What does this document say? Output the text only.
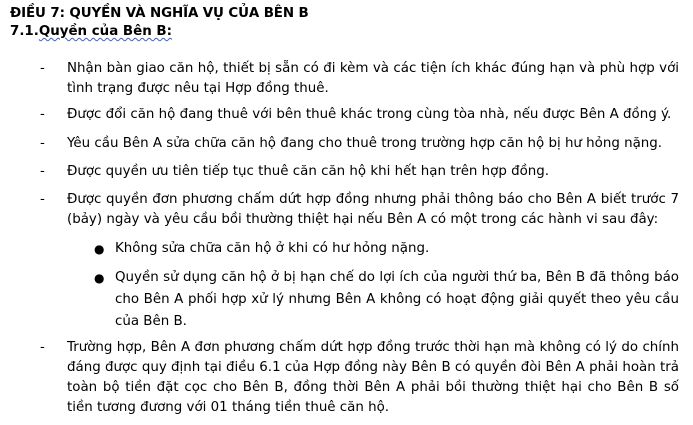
ĐIỀU 7: QUYỀN VÀ NGHĨA VỤ CỦA BÊN B
7.1.Quyền của Bên B:
- Nhận bàn giao căn hộ, thiết bị sẵn có đi kèm và các tiện ích khác đúng hạn và phù hợp với tình trạng được nêu tại Hợp đồng thuê.
- Được đổi căn hộ đang thuê với bên thuê khác trong cùng tòa nhà, nếu được Bên A đồng ý.
- Yêu cầu Bên A sửa chữa căn hộ đang cho thuê trong trường hợp căn hộ bị hư hỏng nặng.
- Được quyền ưu tiên tiếp tục thuê căn căn hộ khi hết hạn trên hợp đồng.
- Được quyền đơn phương chấm dứt hợp đồng nhưng phải thông báo cho Bên A biết trước 7 (bảy) ngày và yêu cầu bồi thường thiệt hại nếu Bên A có một trong các hành vi sau đây:
● Không sửa chữa căn hộ ở khi có hư hỏng nặng.
● Quyền sử dụng căn hộ ở bị hạn chế do lợi ích của người thứ ba, Bên B đã thông báo cho Bên A phối hợp xử lý nhưng Bên A không có hoạt động giải quyết theo yêu cầu của Bên B.
- Trường hợp, Bên A đơn phương chấm dứt hợp đồng trước thời hạn mà không có lý do chính đáng được quy định tại điều 6.1 của Hợp đồng này Bên B có quyền đòi Bên A phải hoàn trả toàn bộ tiền đặt cọc cho Bên B, đồng thời Bên A phải bồi thường thiệt hại cho Bên B số tiền tương đương với 01 tháng tiền thuê căn hộ.
